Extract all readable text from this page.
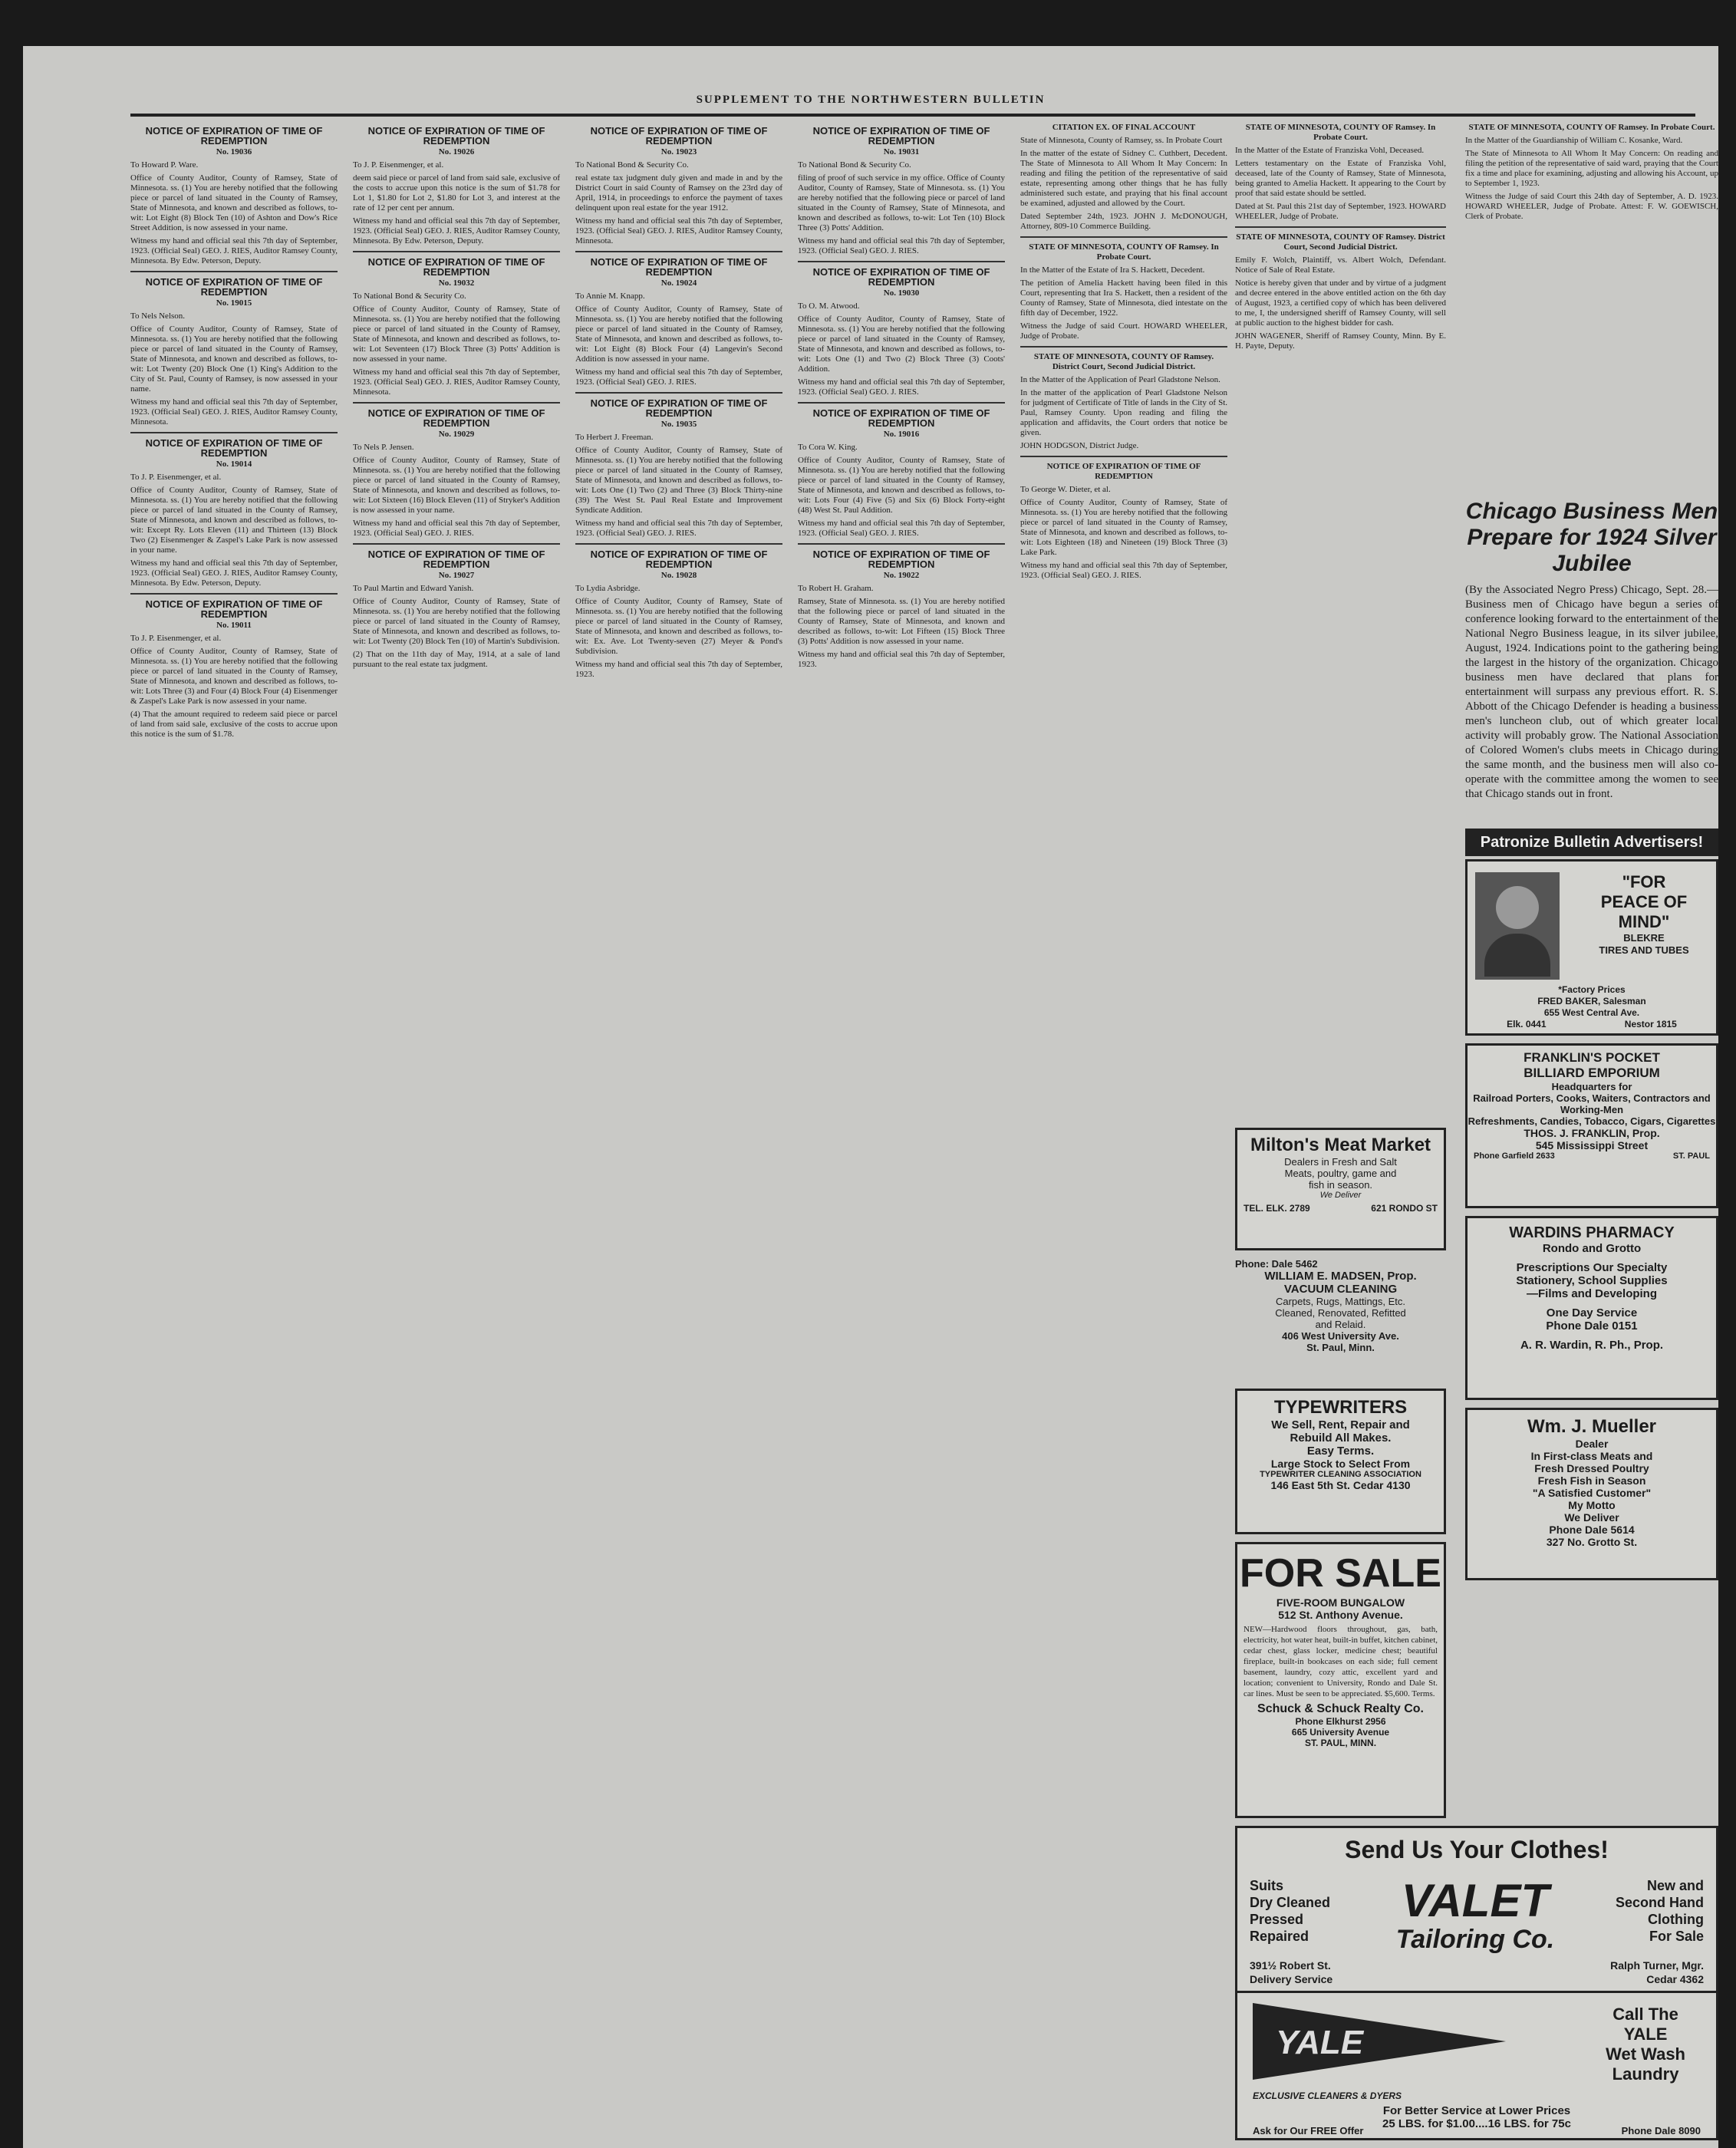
SUPPLEMENT TO THE NORTHWESTERN BULLETIN
NOTICE OF EXPIRATION OF TIME OF REDEMPTION

No. 19036

To Howard P. Ware.

Office of County Auditor, County of Ramsey, State of Minnesota. ss. (1) You are hereby notified that the following piece or parcel of land situated in the County of Ramsey, State of Minnesota, and known and described as follows, to-wit: Lot Eight (8) Block Ten (10) of Ashton and Dow's Rice Street Addition, is now assessed in your name.

Witness my hand and official seal this 7th day of September, 1923. (Official Seal) GEO. J. RIES, Auditor Ramsey County, Minnesota. By Edw. Peterson, Deputy.

NOTICE OF EXPIRATION OF TIME OF REDEMPTION

No. 19015

To Nels Nelson.

Office of County Auditor, County of Ramsey, State of Minnesota. ss. (1) You are hereby notified that the following piece or parcel of land situated in the County of Ramsey, State of Minnesota, and known and described as follows, to-wit: Lot Twenty (20) Block One (1) King's Addition to the City of St. Paul, County of Ramsey, is now assessed in your name.

Witness my hand and official seal this 7th day of September, 1923. (Official Seal) GEO. J. RIES, Auditor Ramsey County, Minnesota.

NOTICE OF EXPIRATION OF TIME OF REDEMPTION

No. 19014

To J. P. Eisenmenger, et al.

Office of County Auditor, County of Ramsey, State of Minnesota. ss. (1) You are hereby notified that the following piece or parcel of land situated in the County of Ramsey, State of Minnesota, and known and described as follows, to-wit: Except Ry. Lots Eleven (11) and Thirteen (13) Block Two (2) Eisenmenger & Zaspel's Lake Park is now assessed in your name.

Witness my hand and official seal this 7th day of September, 1923. (Official Seal) GEO. J. RIES, Auditor Ramsey County, Minnesota. By Edw. Peterson, Deputy.

NOTICE OF EXPIRATION OF TIME OF REDEMPTION

No. 19011

To J. P. Eisenmenger, et al.

Office of County Auditor, County of Ramsey, State of Minnesota. ss. (1) You are hereby notified that the following piece or parcel of land situated in the County of Ramsey, State of Minnesota, and known and described as follows, to-wit: Lots Three (3) and Four (4) Block Four (4) Eisenmenger & Zaspel's Lake Park is now assessed in your name.

(4) That the amount required to redeem said piece or parcel of land from said sale, exclusive of the costs to accrue upon this notice is the sum of $1.78.

NOTICE OF EXPIRATION OF TIME OF REDEMPTION

No. 19026

To J. P. Eisenmenger, et al.

deem said piece or parcel of land from said sale, exclusive of the costs to accrue upon this notice is the sum of $1.78 for Lot 1, $1.80 for Lot 2, $1.80 for Lot 3, and interest at the rate of 12 per cent per annum.

Witness my hand and official seal this 7th day of September, 1923. (Official Seal) GEO. J. RIES, Auditor Ramsey County, Minnesota. By Edw. Peterson, Deputy.

NOTICE OF EXPIRATION OF TIME OF REDEMPTION

No. 19032

To National Bond & Security Co.

Office of County Auditor, County of Ramsey, State of Minnesota. ss. (1) You are hereby notified that the following piece or parcel of land situated in the County of Ramsey, State of Minnesota, and known and described as follows, to-wit: Lot Seventeen (17) Block Three (3) Potts' Addition is now assessed in your name.

Witness my hand and official seal this 7th day of September, 1923. (Official Seal) GEO. J. RIES, Auditor Ramsey County, Minnesota.

NOTICE OF EXPIRATION OF TIME OF REDEMPTION

No. 19029

To Nels P. Jensen.

Office of County Auditor, County of Ramsey, State of Minnesota. ss. (1) You are hereby notified that the following piece or parcel of land situated in the County of Ramsey, State of Minnesota, and known and described as follows, to-wit: Lot Sixteen (16) Block Eleven (11) of Stryker's Addition is now assessed in your name.

Witness my hand and official seal this 7th day of September, 1923. (Official Seal) GEO. J. RIES.

NOTICE OF EXPIRATION OF TIME OF REDEMPTION

No. 19027

To Paul Martin and Edward Yanish.

Office of County Auditor, County of Ramsey, State of Minnesota. ss. (1) You are hereby notified that the following piece or parcel of land situated in the County of Ramsey, State of Minnesota, and known and described as follows, to-wit: Lot Twenty (20) Block Ten (10) of Martin's Subdivision.

(2) That on the 11th day of May, 1914, at a sale of land pursuant to the real estate tax judgment.

NOTICE OF EXPIRATION OF TIME OF REDEMPTION

No. 19023

To National Bond & Security Co.

real estate tax judgment duly given and made in and by the District Court in said County of Ramsey on the 23rd day of April, 1914, in proceedings to enforce the payment of taxes delinquent upon real estate for the year 1912.

Witness my hand and official seal this 7th day of September, 1923. (Official Seal) GEO. J. RIES, Auditor Ramsey County, Minnesota.

NOTICE OF EXPIRATION OF TIME OF REDEMPTION

No. 19024

To Annie M. Knapp.

Office of County Auditor, County of Ramsey, State of Minnesota. ss. (1) You are hereby notified that the following piece or parcel of land situated in the County of Ramsey, State of Minnesota, and known and described as follows, to-wit: Lot Eight (8) Block Four (4) Langevin's Second Addition is now assessed in your name.

Witness my hand and official seal this 7th day of September, 1923. (Official Seal) GEO. J. RIES.

NOTICE OF EXPIRATION OF TIME OF REDEMPTION

No. 19035

To Herbert J. Freeman.

Office of County Auditor, County of Ramsey, State of Minnesota. ss. (1) You are hereby notified that the following piece or parcel of land situated in the County of Ramsey, State of Minnesota, and known and described as follows, to-wit: Lots One (1) Two (2) and Three (3) Block Thirty-nine (39) The West St. Paul Real Estate and Improvement Syndicate Addition.

Witness my hand and official seal this 7th day of September, 1923. (Official Seal) GEO. J. RIES.

NOTICE OF EXPIRATION OF TIME OF REDEMPTION

No. 19028

To Lydia Asbridge.

Office of County Auditor, County of Ramsey, State of Minnesota. ss. (1) You are hereby notified that the following piece or parcel of land situated in the County of Ramsey, State of Minnesota, and known and described as follows, to-wit: Ex. Ave. Lot Twenty-seven (27) Meyer & Pond's Subdivision.

Witness my hand and official seal this 7th day of September, 1923.

NOTICE OF EXPIRATION OF TIME OF REDEMPTION

No. 19031

To National Bond & Security Co.

filing of proof of such service in my office. Office of County Auditor, County of Ramsey, State of Minnesota. ss. (1) You are hereby notified that the following piece or parcel of land situated in the County of Ramsey, State of Minnesota, and known and described as follows, to-wit: Lot Ten (10) Block Three (3) Potts' Addition.

Witness my hand and official seal this 7th day of September, 1923. (Official Seal) GEO. J. RIES.

NOTICE OF EXPIRATION OF TIME OF REDEMPTION

No. 19030

To O. M. Atwood.

Office of County Auditor, County of Ramsey, State of Minnesota. ss. (1) You are hereby notified that the following piece or parcel of land situated in the County of Ramsey, State of Minnesota, and known and described as follows, to-wit: Lots One (1) and Two (2) Block Three (3) Coots' Addition.

Witness my hand and official seal this 7th day of September, 1923. (Official Seal) GEO. J. RIES.

NOTICE OF EXPIRATION OF TIME OF REDEMPTION

No. 19016

To Cora W. King.

Office of County Auditor, County of Ramsey, State of Minnesota. ss. (1) You are hereby notified that the following piece or parcel of land situated in the County of Ramsey, State of Minnesota, and known and described as follows, to-wit: Lots Four (4) Five (5) and Six (6) Block Forty-eight (48) West St. Paul Addition.

Witness my hand and official seal this 7th day of September, 1923. (Official Seal) GEO. J. RIES.

NOTICE OF EXPIRATION OF TIME OF REDEMPTION

No. 19022

To Robert H. Graham.

Ramsey, State of Minnesota. ss. (1) You are hereby notified that the following piece or parcel of land situated in the County of Ramsey, State of Minnesota, and known and described as follows, to-wit: Lot Fifteen (15) Block Three (3) Potts' Addition is now assessed in your name.

Witness my hand and official seal this 7th day of September, 1923.

CITATION EX. OF FINAL ACCOUNT

State of Minnesota, County of Ramsey, ss. In Probate Court

In the matter of the estate of Sidney C. Cuthbert, Decedent. The State of Minnesota to All Whom It May Concern: In reading and filing the petition of the representative of said estate, representing among other things that he has fully administered such estate, and praying that his final account be examined, adjusted and allowed by the Court.

Dated September 24th, 1923. JOHN J. McDONOUGH, Attorney, 809-10 Commerce Building.

STATE OF MINNESOTA, COUNTY OF Ramsey. In Probate Court.

In the Matter of the Estate of Ira S. Hackett, Decedent.

The petition of Amelia Hackett having been filed in this Court, representing that Ira S. Hackett, then a resident of the County of Ramsey, State of Minnesota, died intestate on the fifth day of December, 1922.

Witness the Judge of said Court. HOWARD WHEELER, Judge of Probate.

STATE OF MINNESOTA, COUNTY OF Ramsey. District Court, Second Judicial District.

In the Matter of the Application of Pearl Gladstone Nelson.

In the matter of the application of Pearl Gladstone Nelson for judgment of Certificate of Title of lands in the City of St. Paul, Ramsey County. Upon reading and filing the application and affidavits, the Court orders that notice be given.

JOHN HODGSON, District Judge.

NOTICE OF EXPIRATION OF TIME OF REDEMPTION

To George W. Dieter, et al.

Office of County Auditor, County of Ramsey, State of Minnesota. ss. (1) You are hereby notified that the following piece or parcel of land situated in the County of Ramsey, State of Minnesota, and known and described as follows, to-wit: Lots Eighteen (18) and Nineteen (19) Block Three (3) Lake Park.

Witness my hand and official seal this 7th day of September, 1923. (Official Seal) GEO. J. RIES.

STATE OF MINNESOTA, COUNTY OF Ramsey. In Probate Court.

In the Matter of the Estate of Franziska Vohl, Deceased.

Letters testamentary on the Estate of Franziska Vohl, deceased, late of the County of Ramsey, State of Minnesota, being granted to Amelia Hackett. It appearing to the Court by proof that said estate should be settled.

Dated at St. Paul this 21st day of September, 1923. HOWARD WHEELER, Judge of Probate.

STATE OF MINNESOTA, COUNTY OF Ramsey. District Court, Second Judicial District.

Emily F. Wolch, Plaintiff, vs. Albert Wolch, Defendant. Notice of Sale of Real Estate.

Notice is hereby given that under and by virtue of a judgment and decree entered in the above entitled action on the 6th day of August, 1923, a certified copy of which has been delivered to me, I, the undersigned sheriff of Ramsey County, will sell at public auction to the highest bidder for cash.

JOHN WAGENER, Sheriff of Ramsey County, Minn. By E. H. Payte, Deputy.

STATE OF MINNESOTA, COUNTY OF Ramsey. In Probate Court.

In the Matter of the Guardianship of William C. Kosanke, Ward.

The State of Minnesota to All Whom It May Concern: On reading and filing the petition of the representative of said ward, praying that the Court fix a time and place for examining, adjusting and allowing his Account, up to September 1, 1923.

Witness the Judge of said Court this 24th day of September, A. D. 1923. HOWARD WHEELER, Judge of Probate. Attest: F. W. GOEWISCH, Clerk of Probate.

Chicago Business Men Prepare for 1924 Silver Jubilee
(By the Associated Negro Press) Chicago, Sept. 28.—Business men of Chicago have begun a series of conference looking forward to the entertainment of the National Negro Business league, in its silver jubilee, August, 1924. Indications point to the gathering being the largest in the history of the organization. Chicago business men have declared that plans for entertainment will surpass any previous effort. R. S. Abbott of the Chicago Defender is heading a business men's luncheon club, out of which greater local activity will probably grow. The National Association of Colored Women's clubs meets in Chicago during the same month, and the business men will also co-operate with the committee among the women to see that Chicago stands out in front.
Patronize Bulletin Advertisers!
Milton's Meat Market
Dealers in Fresh and Salt
Meats, poultry, game and
fish in season.
We Deliver
TEL. ELK. 2789	621 RONDO ST
Phone: Dale 5462
WILLIAM E. MADSEN, Prop.
VACUUM CLEANING
Carpets, Rugs, Mattings, Etc.
Cleaned, Renovated, Refitted
and Relaid.
406 West University Ave.
St. Paul, Minn.
TYPEWRITERS
We Sell, Rent, Repair and
Rebuild All Makes.
Easy Terms.
Large Stock to Select From
TYPEWRITER CLEANING ASSOCIATION
146 East 5th St. Cedar 4130
FOR SALE
FIVE-ROOM BUNGALOW
512 St. Anthony Avenue.
NEW—Hardwood floors throughout, gas, bath, electricity, hot water heat, built-in buffet, kitchen cabinet, cedar chest, glass locker, medicine chest; beautiful fireplace, built-in bookcases on each side; full cement basement, laundry, cozy attic, excellent yard and location; convenient to University, Rondo and Dale St. car lines. Must be seen to be appreciated. $5,600. Terms.
Schuck & Schuck Realty Co.
Phone Elkhurst 2956
665 University Avenue
ST. PAUL, MINN.
"FOR
PEACE OF
MIND"
BLEKRE
TIRES AND TUBES
*Factory Prices
FRED BAKER, Salesman
655 West Central Ave.
Elk. 0441	Nestor 1815
FRANKLIN'S POCKET
BILLIARD EMPORIUM
Headquarters for
Railroad Porters, Cooks, Waiters, Contractors and Working-Men
Refreshments, Candies, Tobacco, Cigars, Cigarettes
THOS. J. FRANKLIN, Prop.
545 Mississippi Street
Phone Garfield 2633	ST. PAUL
WARDINS PHARMACY
Rondo and Grotto
Prescriptions Our Specialty
Stationery, School Supplies
—Films and Developing
One Day Service
Phone Dale 0151
A. R. Wardin, R. Ph., Prop.
Wm. J. Mueller
Dealer
In First-class Meats and
Fresh Dressed Poultry
Fresh Fish in Season
"A Satisfied Customer"
My Motto
We Deliver
Phone Dale 5614
327 No. Grotto St.
Send Us Your Clothes!
Suits
Dry Cleaned
Pressed
Repaired
VALET
Tailoring Co.
New and
Second Hand
Clothing
For Sale
391½ Robert St.
Delivery Service
Ralph Turner, Mgr.
Cedar 4362
YALE
EXCLUSIVE CLEANERS & DYERS
Call The
YALE
Wet Wash
Laundry
For Better Service at Lower Prices
25 LBS. for $1.00....16 LBS. for 75c
Ask for Our FREE Offer	Phone Dale 8090
